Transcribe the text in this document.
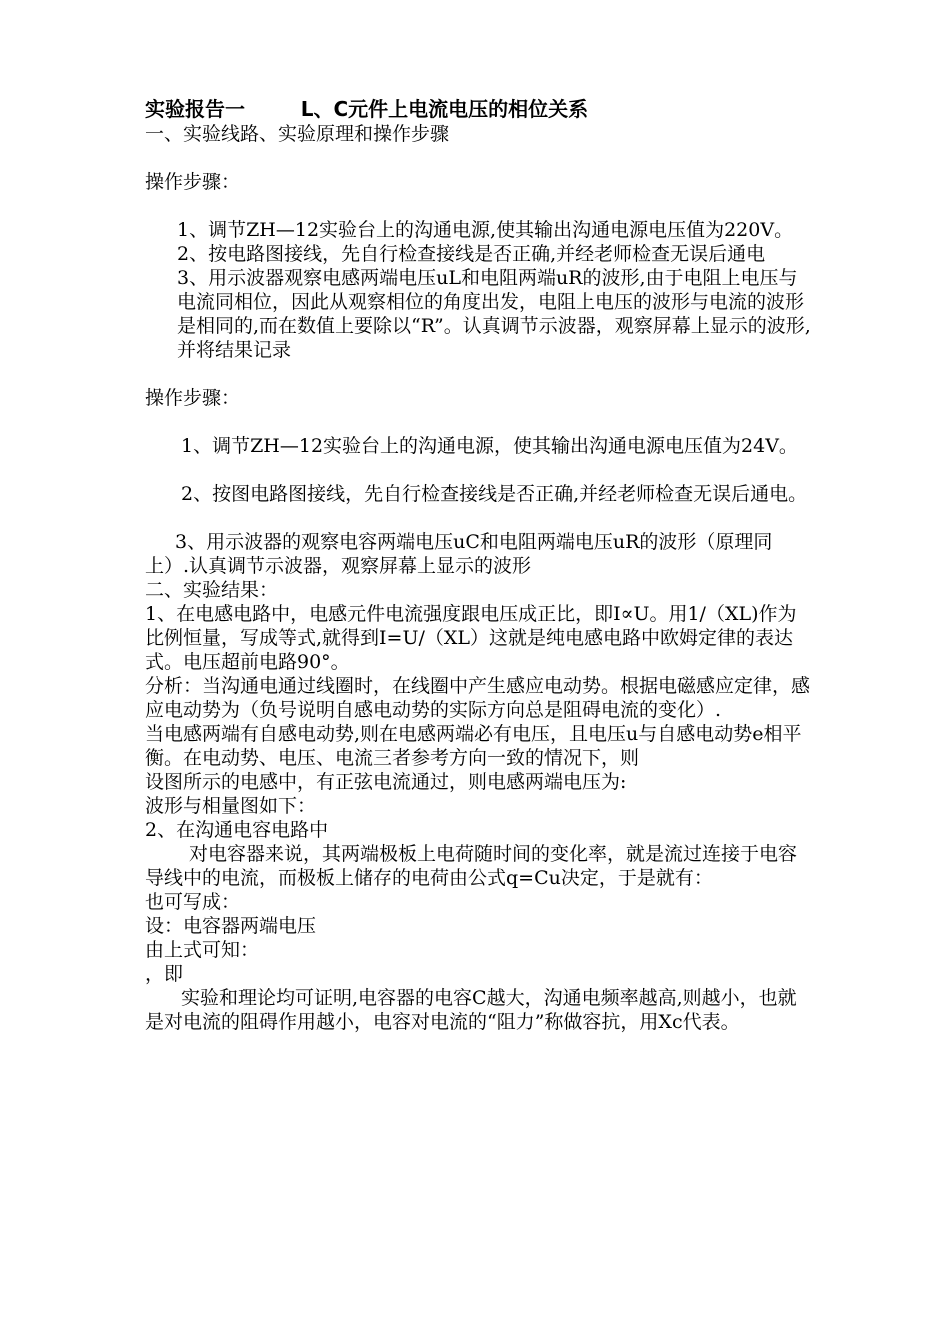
实验报告一        L、C元件上电流电压的相位关系

一、实验线路、实验原理和操作步骤

操作步骤：

1、调节ZH—12实验台上的沟通电源,使其输出沟通电源电压值为220V。

2、按电路图接线，先自行检查接线是否正确,并经老师检查无误后通电

3、用示波器观察电感两端电压uL和电阻两端uR的波形,由于电阻上电压与电流同相位，因此从观察相位的角度出发，电阻上电压的波形与电流的波形是相同的,而在数值上要除以“R”。认真调节示波器，观察屏幕上显示的波形,并将结果记录

操作步骤：

1、调节ZH—12实验台上的沟通电源，使其输出沟通电源电压值为24V。

2、按图电路图接线，先自行检查接线是否正确,并经老师检查无误后通电。

3、用示波器的观察电容两端电压uC和电阻两端电压uR的波形（原理同上）.认真调节示波器，观察屏幕上显示的波形

二、实验结果：

1、在电感电路中，电感元件电流强度跟电压成正比，即I∝U。用1/（XL)作为比例恒量，写成等式,就得到I=U/（XL）这就是纯电感电路中欧姆定律的表达式。电压超前电路90°。

分析：当沟通电通过线圈时，在线圈中产生感应电动势。根据电磁感应定律，感应电动势为（负号说明自感电动势的实际方向总是阻碍电流的变化）.

当电感两端有自感电动势,则在电感两端必有电压，且电压u与自感电动势e相平衡。在电动势、电压、电流三者参考方向一致的情况下，则

设图所示的电感中，有正弦电流通过，则电感两端电压为:

波形与相量图如下：

2、在沟通电容电路中

对电容器来说，其两端极板上电荷随时间的变化率，就是流过连接于电容导线中的电流，而极板上储存的电荷由公式q=Cu决定，于是就有：

也可写成：

设：电容器两端电压

由上式可知：

，即

实验和理论均可证明,电容器的电容C越大，沟通电频率越高,则越小，也就是对电流的阻碍作用越小，电容对电流的“阻力”称做容抗，用Xc代表。
